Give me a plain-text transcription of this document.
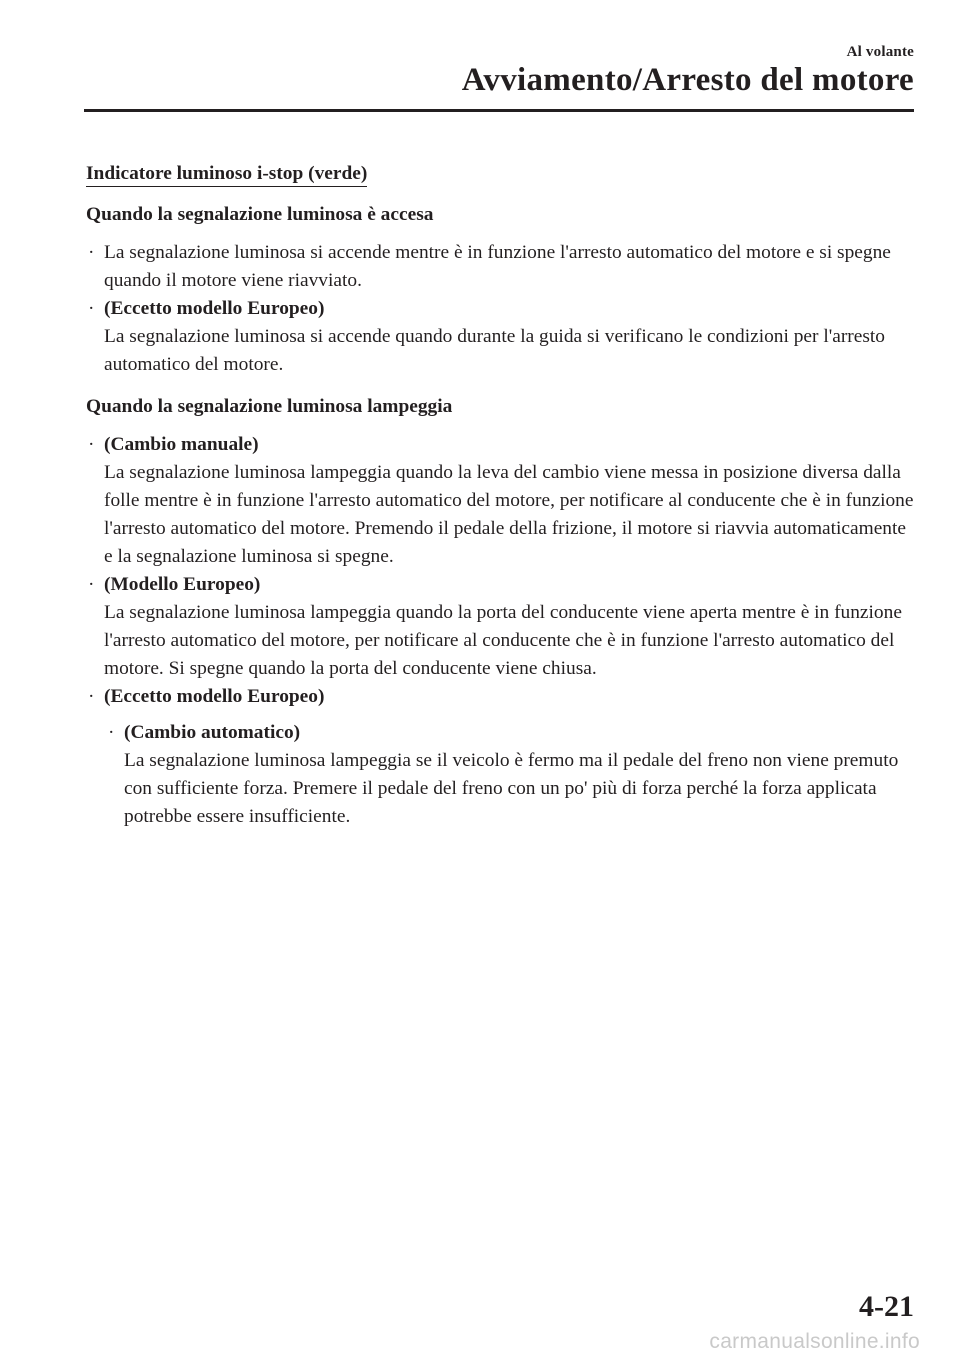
Al volante
Avviamento/Arresto del motore
Indicatore luminoso i-stop (verde)
Quando la segnalazione luminosa è accesa
· La segnalazione luminosa si accende mentre è in funzione l'arresto automatico del motore e si spegne quando il motore viene riavviato.
· (Eccetto modello Europeo)
La segnalazione luminosa si accende quando durante la guida si verificano le condizioni per l'arresto automatico del motore.
Quando la segnalazione luminosa lampeggia
· (Cambio manuale)
La segnalazione luminosa lampeggia quando la leva del cambio viene messa in posizione diversa dalla folle mentre è in funzione l'arresto automatico del motore, per notificare al conducente che è in funzione l'arresto automatico del motore. Premendo il pedale della frizione, il motore si riavvia automaticamente e la segnalazione luminosa si spegne.
· (Modello Europeo)
La segnalazione luminosa lampeggia quando la porta del conducente viene aperta mentre è in funzione l'arresto automatico del motore, per notificare al conducente che è in funzione l'arresto automatico del motore. Si spegne quando la porta del conducente viene chiusa.
· (Eccetto modello Europeo)
· (Cambio automatico)
La segnalazione luminosa lampeggia se il veicolo è fermo ma il pedale del freno non viene premuto con sufficiente forza. Premere il pedale del freno con un po' più di forza perché la forza applicata potrebbe essere insufficiente.
4-21
carmanualsonline.info
